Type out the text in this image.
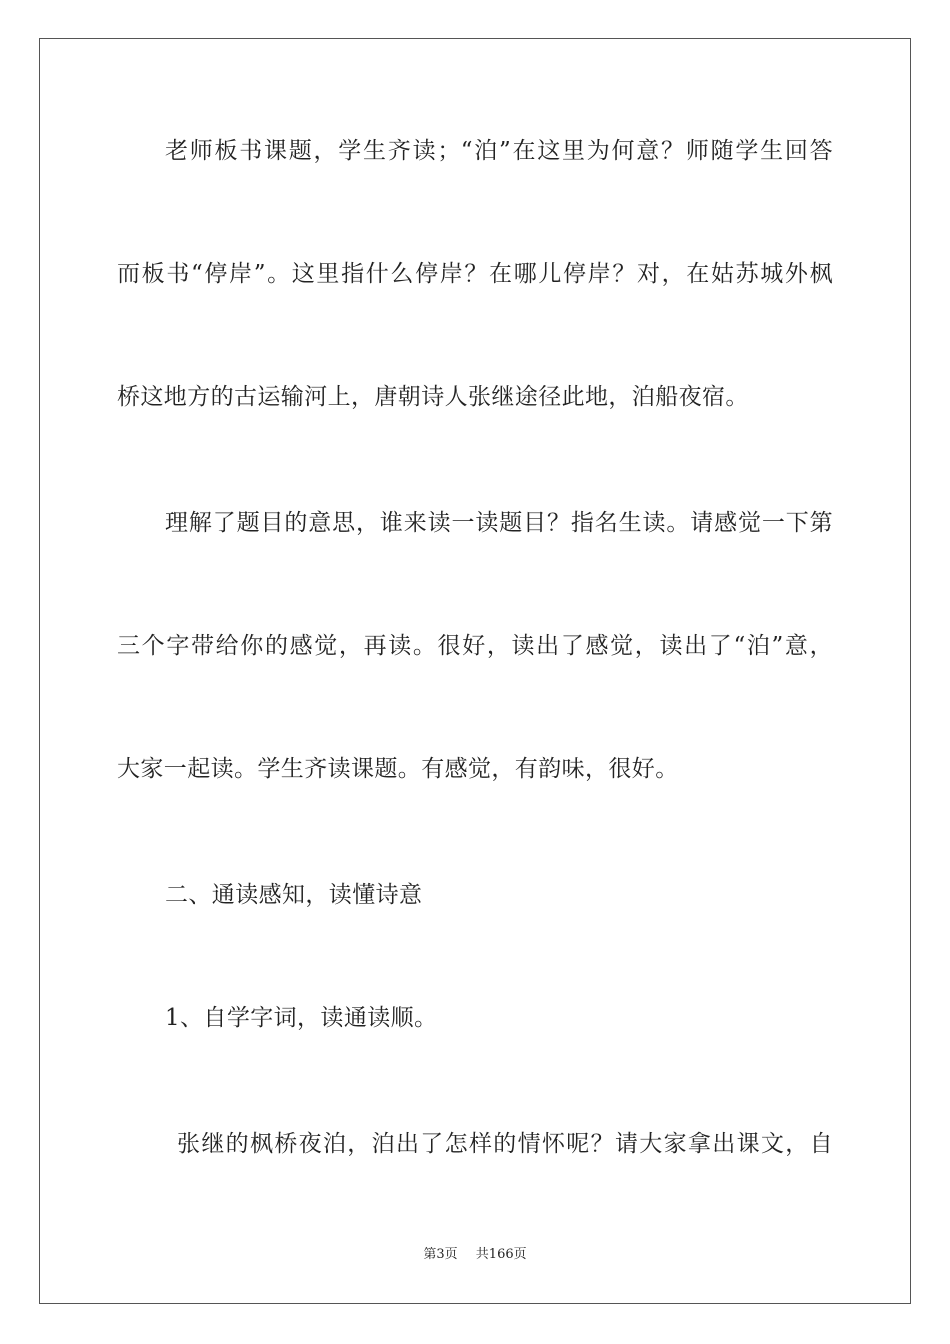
老师板书课题，学生齐读；“泊”在这里为何意？师随学生回答
而板书“停岸”。这里指什么停岸？在哪儿停岸？对，在姑苏城外枫
桥这地方的古运输河上，唐朝诗人张继途径此地，泊船夜宿。
理解了题目的意思，谁来读一读题目？指名生读。请感觉一下第
三个字带给你的感觉，再读。很好，读出了感觉，读出了“泊”意，
大家一起读。学生齐读课题。有感觉，有韵味，很好。
二、通读感知，读懂诗意
1、自学字词，读通读顺。
张继的枫桥夜泊，泊出了怎样的情怀呢？请大家拿出课文，自
第3页 共166页
